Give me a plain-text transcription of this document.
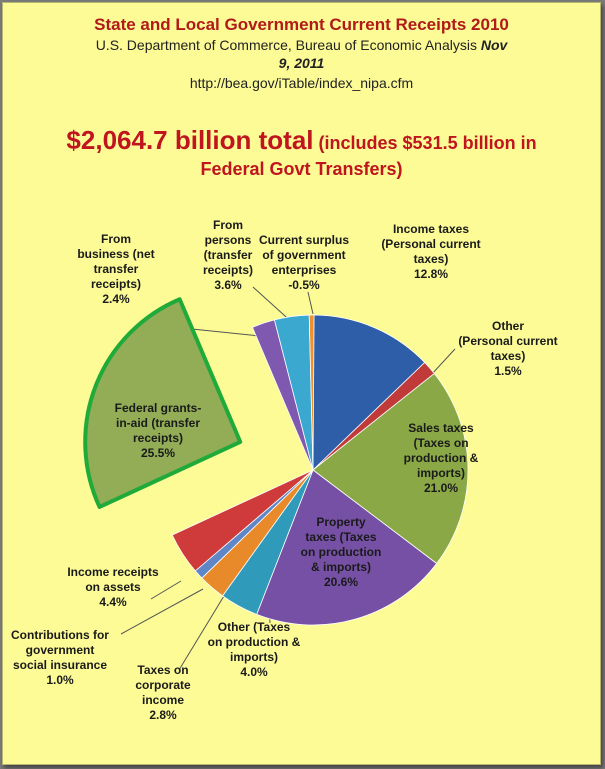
State and Local Government Current Receipts 2010
U.S. Department of Commerce, Bureau of Economic Analysis Nov
9, 2011
http://bea.gov/iTable/index_nipa.cfm
$2,064.7 billion total (includes $531.5 billion in
Federal Govt Transfers)
Income taxes
(Personal current
taxes)
12.8%
Other
(Personal current
taxes)
1.5%
Sales taxes
(Taxes on
production &
imports)
21.0%
Property
taxes (Taxes
on production
& imports)
20.6%
Other (Taxes
on production &
imports)
4.0%
Taxes on
corporate
income
2.8%
Contributions for
government
social insurance
1.0%
Income receipts
on assets
4.4%
Federal grants-
in-aid (transfer
receipts)
25.5%
From
business (net
transfer
receipts)
2.4%
From
persons
(transfer
receipts)
3.6%
Current surplus
of government
enterprises
-0.5%
